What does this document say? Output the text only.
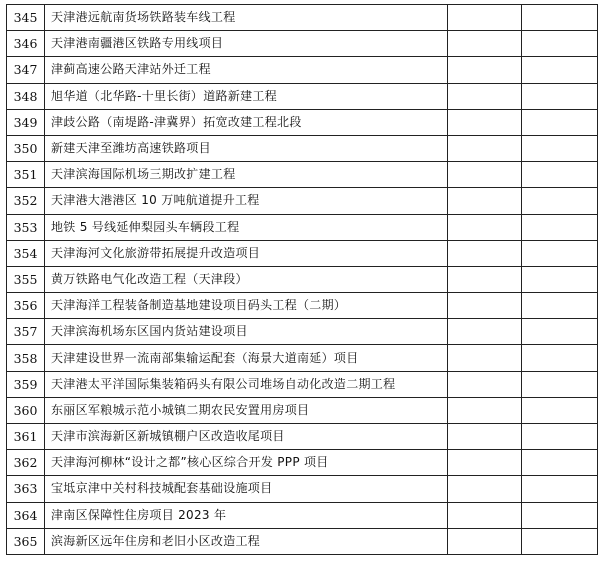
345	天津港远航南货场铁路装车线工程		
346	天津港南疆港区铁路专用线项目		
347	津蓟高速公路天津站外迁工程		
348	旭华道（北华路-十里长街）道路新建工程		
349	津歧公路（南堤路-津冀界）拓宽改建工程北段		
350	新建天津至潍坊高速铁路项目		
351	天津滨海国际机场三期改扩建工程		
352	天津港大港港区 10 万吨航道提升工程		
353	地铁 5 号线延伸梨园头车辆段工程		
354	天津海河文化旅游带拓展提升改造项目		
355	黄万铁路电气化改造工程（天津段）		
356	天津海洋工程装备制造基地建设项目码头工程（二期）		
357	天津滨海机场东区国内货站建设项目		
358	天津建设世界一流南部集输运配套（海景大道南延）项目		
359	天津港太平洋国际集装箱码头有限公司堆场自动化改造二期工程		
360	东丽区军粮城示范小城镇二期农民安置用房项目		
361	天津市滨海新区新城镇棚户区改造收尾项目		
362	天津海河柳林“设计之都”核心区综合开发 PPP 项目		
363	宝坻京津中关村科技城配套基础设施项目		
364	津南区保障性住房项目 2023 年		
365	滨海新区远年住房和老旧小区改造工程		
